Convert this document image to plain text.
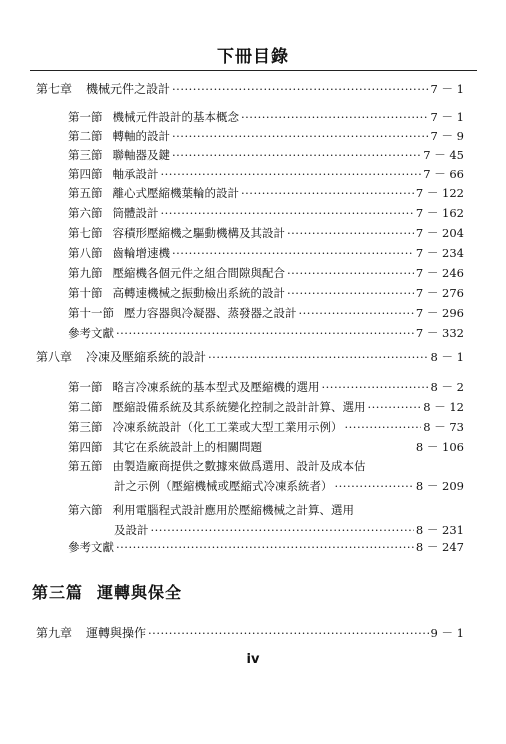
下冊目錄
第七章	機械元件之設計 ·····	7 － 1
第一節 機械元件設計的基本概念 ·····	7 － 1
第二節 轉軸的設計 ·····	7 － 9
第三節 聯軸器及鍵 ·····	7 － 45
第四節 軸承設計 ·····	7 － 66
第五節 離心式壓縮機葉輪的設計 ·····	7 － 122
第六節 筒體設計 ·····	7 － 162
第七節 容積形壓縮機之驅動機構及其設計 ·····	7 － 204
第八節 齒輪增速機 ·····	7 － 234
第九節 壓縮機各個元件之組合間隙與配合 ·····	7 － 246
第十節 高轉速機械之振動檢出系統的設計 ·····	7 － 276
第十一節 壓力容器與冷凝器、蒸發器之設計 ·····	7 － 296
參考文獻 ·····	7 － 332
第八章	冷凍及壓縮系統的設計 ·····	8 － 1
第一節 略言冷凍系統的基本型式及壓縮機的選用 ·····	8 － 2
第二節 壓縮設備系統及其系統變化控制之設計計算、選用 ·····	8 － 12
第三節 冷凍系統設計（化工工業或大型工業用示例） ·····	8 － 73
第四節 其它在系統設計上的相關問題	8 － 106
第五節 由製造廠商提供之數據來做爲選用、設計及成本估
計之示例（壓縮機械或壓縮式冷凍系統者） ·····	8 － 209
第六節 利用電腦程式設計應用於壓縮機械之計算、選用
及設計 ·····	8 － 231
參考文獻 ·····	8 － 247
第三篇 運轉與保全
第九章	運轉與操作 ·····	9 － 1
iv
